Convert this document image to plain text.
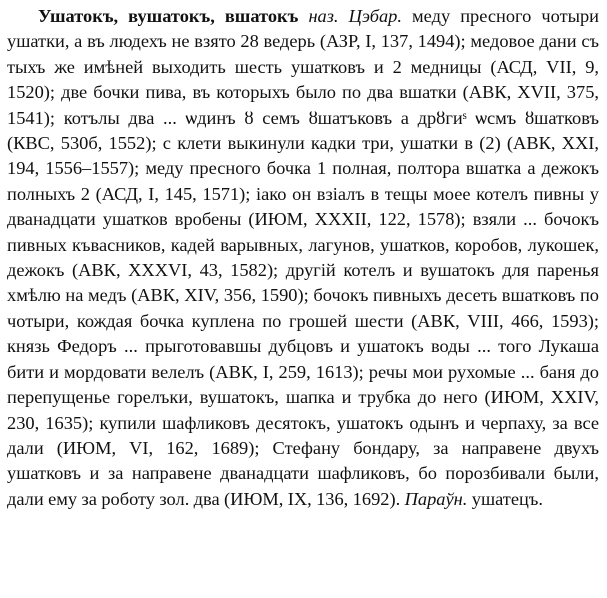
Ушатокъ, вушатокъ, вшатокъ наз. Цэбар. меду пресного чотыри ушатки, а въ людехъ не взято 28 ведерь (АЗР, I, 137, 1494); медовое дани съ тыхъ же имѣней выходить шесть ушатковъ и 2 медницы (АСД, VII, 9, 1520); две бочки пива, въ которыхъ было по два вшатки (АВК, XVII, 375, 1541); котълы два ... ѡдинъ ȣ семъ ȣшатъковъ а дрȣгиˢ ѡсмъ ȣшатковъ (КВС, 530б, 1552); с клети выкинули кадки три, ушатки в (2) (АВК, XXI, 194, 1556–1557); меду пресного бочка 1 полная, полтора вшатка а дежокъ полныхъ 2 (АСД, I, 145, 1571); іако он взіалъ в тещы моее котелъ пивны у дванадцати ушатков вробены (ИЮМ, XXXII, 122, 1578); взяли ... бочокъ пивных къвасников, кадей варывных, лагунов, ушатков, коробов, лукошек, дежокъ (АВК, XXXVI, 43, 1582); другій котелъ и вушатокъ для паренья хмѣлю на медъ (АВК, XIV, 356, 1590); бочокъ пивныхъ десеть вшатковъ по чотыри, кождая бочка куплена по грошей шести (АВК, VIII, 466, 1593); князь Федоръ ... прыготовавшы дубцовъ и ушатокъ воды ... того Лукаша бити и мордовати велелъ (АВК, I, 259, 1613); речы мои рухомые ... баня до перепущенье горелъки, вушатокъ, шапка и трубка до него (ИЮМ, XXIV, 230, 1635); купили шафликовъ десятокъ, ушатокъ одынъ и черпаху, за все дали (ИЮМ, VI, 162, 1689); Стефану бондару, за направене двухъ ушатковъ и за направене дванадцати шафликовъ, бо порозбивали были, дали ему за роботу зол. два (ИЮМ, IX, 136, 1692). Параўн. ушатецъ.
